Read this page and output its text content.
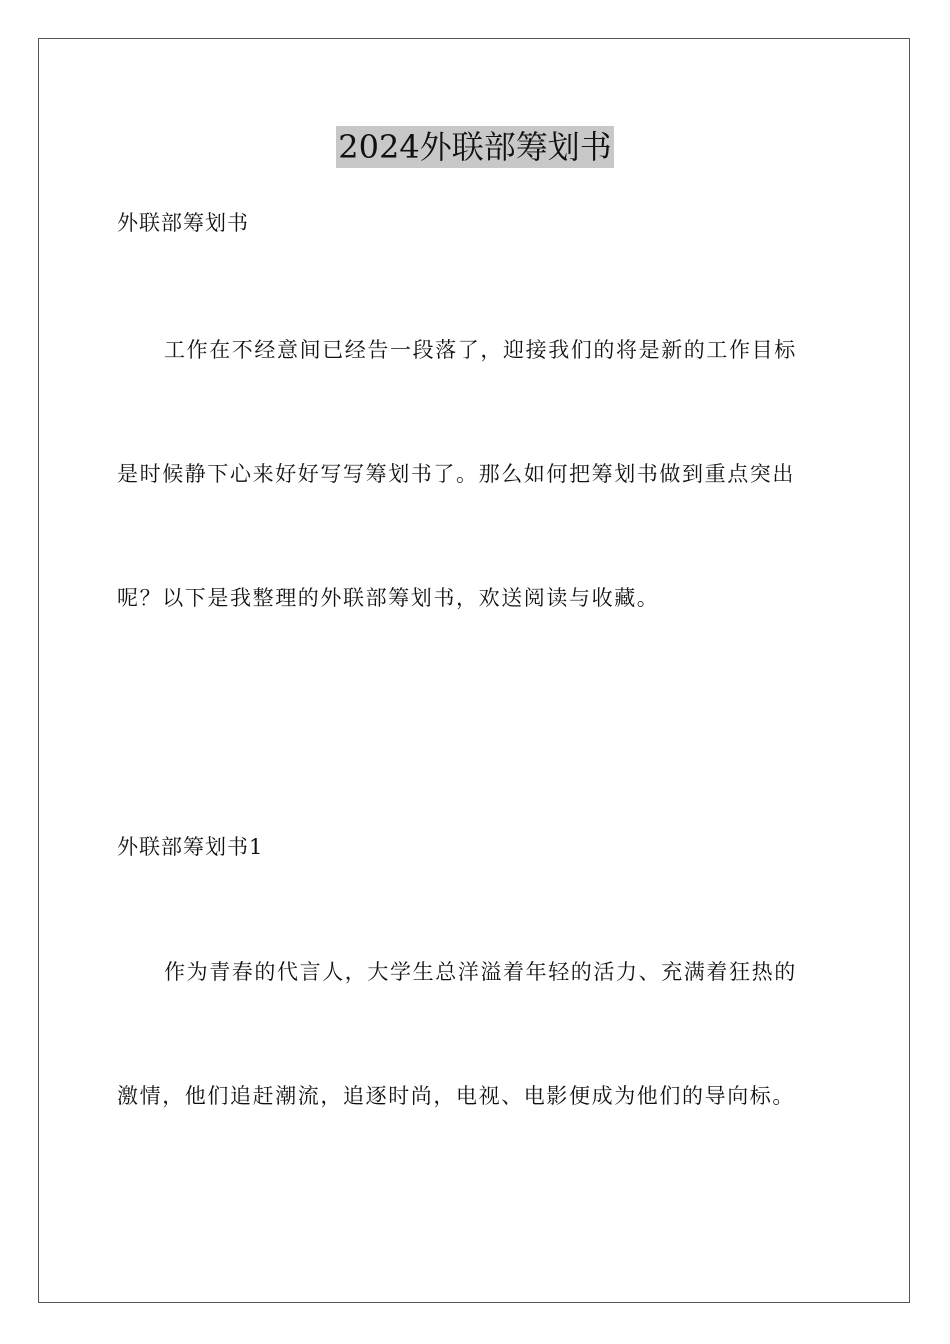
2024外联部筹划书
外联部筹划书
工作在不经意间已经告一段落了，迎接我们的将是新的工作目标
是时候静下心来好好写写筹划书了。那么如何把筹划书做到重点突出
呢？以下是我整理的外联部筹划书，欢送阅读与收藏。
外联部筹划书1
作为青春的代言人，大学生总洋溢着年轻的活力、充满着狂热的
激情，他们追赶潮流，追逐时尚，电视、电影便成为他们的导向标。
